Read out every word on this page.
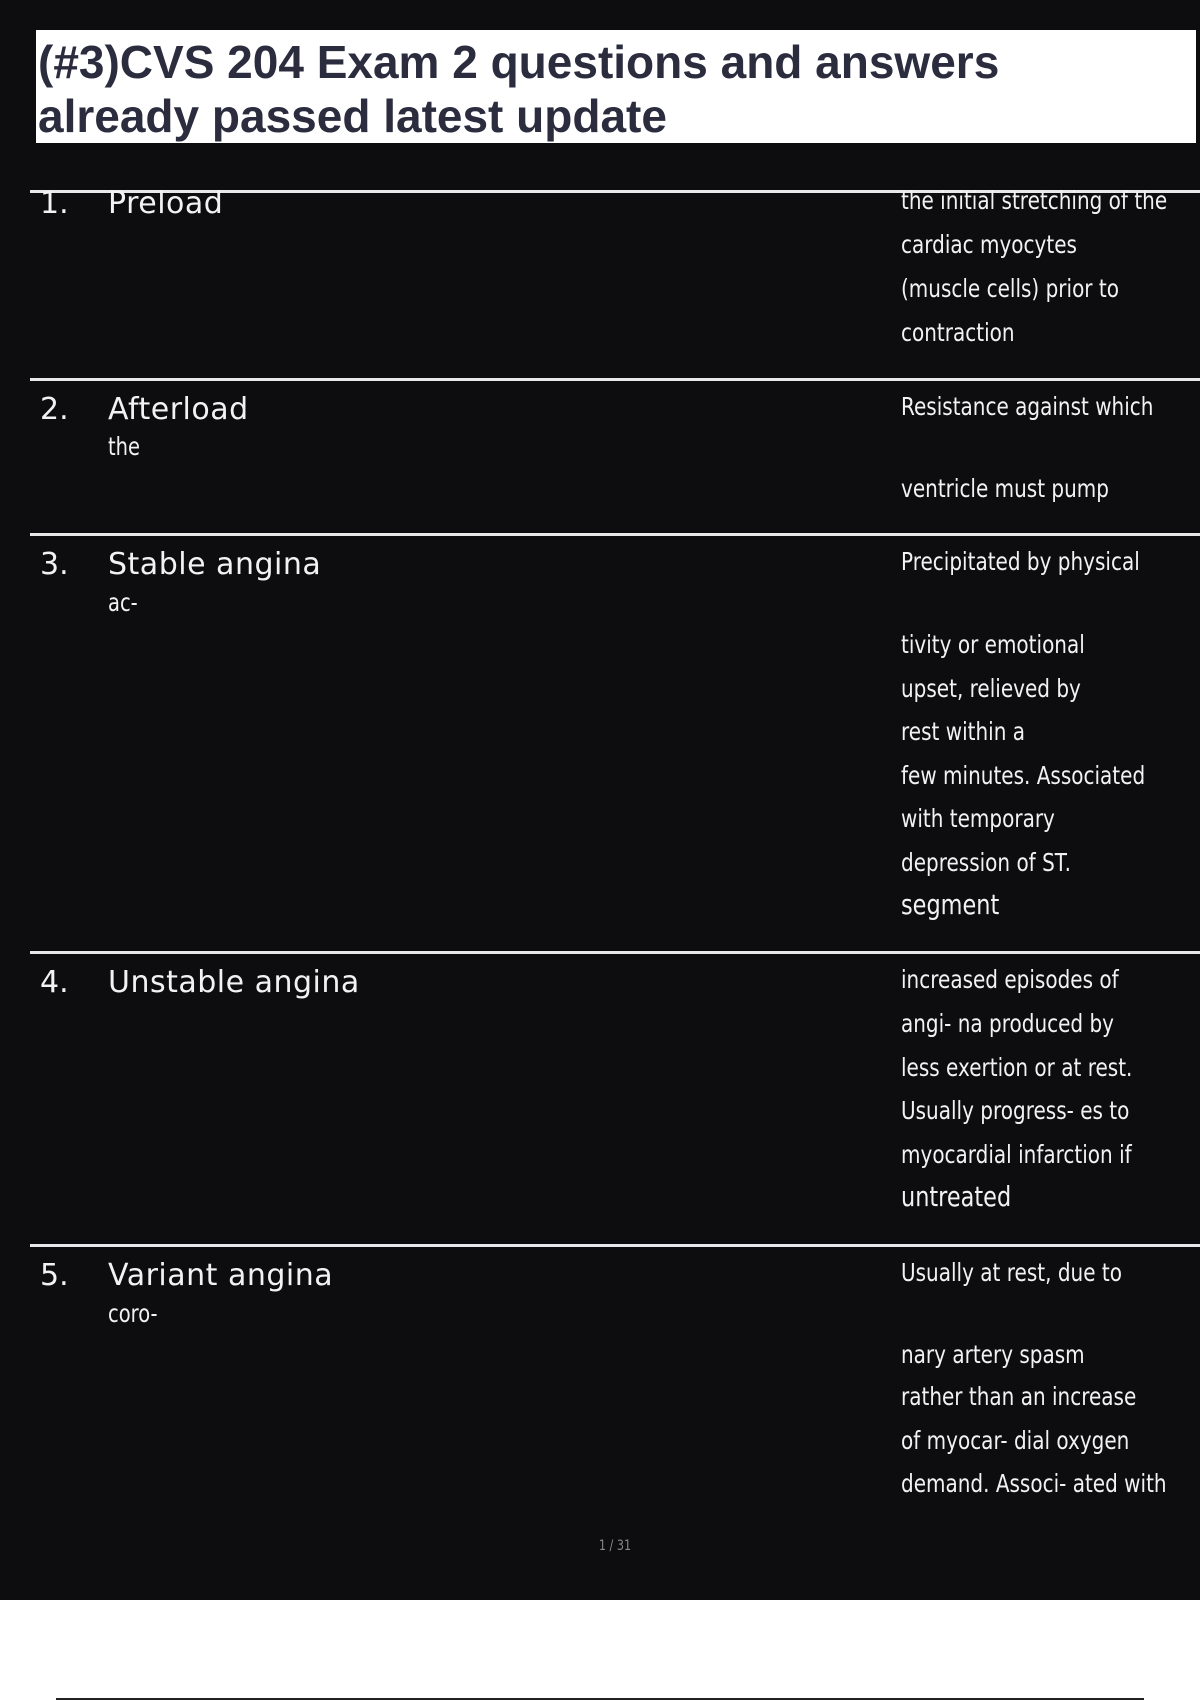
(#3)CVS 204 Exam 2 questions and answers
already passed latest update
1. Preload	the initial stretching of the
cardiac myocytes
(muscle cells) prior to
contraction
2. Afterload
the
Resistance against which
ventricle must pump
3. Stable angina
ac-
Precipitated by physical
tivity or emotional
upset, relieved by
rest within a
few minutes. Associated
with temporary
depression of ST.
segment
4. Unstable angina	increased episodes of
angi- na produced by
less exertion or at rest.
Usually progress- es to
myocardial infarction if
untreated
5. Variant angina
coro-
Usually at rest, due to
nary artery spasm
rather than an increase
of myocar- dial oxygen
demand. Associ- ated with
1 / 31
